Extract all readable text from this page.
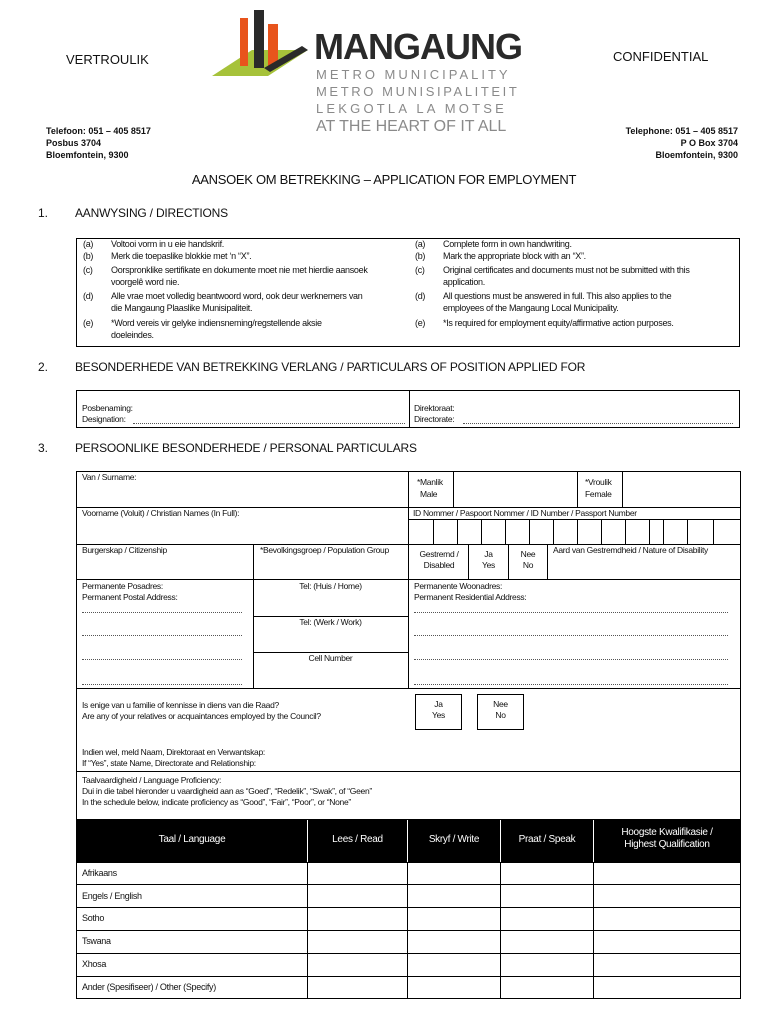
VERTROULIK	CONFIDENTIAL
MANGAUNG
METRO MUNICIPALITY
METRO MUNISIPALITEIT
LEKGOTLA LA MOTSE
AT THE HEART OF IT ALL
Telefoon: 051 – 405 8517
Posbus 3704
Bloemfontein, 9300
Telephone: 051 – 405 8517
P O Box 3704
Bloemfontein, 9300
AANSOEK OM BETREKKING – APPLICATION FOR EMPLOYMENT
1. AANWYSING / DIRECTIONS
(a) Voltooi vorm in u eie handskrif.
(b) Merk die toepaslike blokkie met ‘n “X”.
(c) Oorspronklike sertifikate en dokumente moet nie met hierdie aansoek
voorgelê word nie.
(d) Alle vrae moet volledig beantwoord word, ook deur werknemers van
die Mangaung Plaaslike Munisipaliteit.
(e) *Word vereis vir gelyke indiensneming/regstellende aksie
doeleindes.
(a) Complete form in own handwriting.
(b) Mark the appropriate block with an “X”.
(c) Original certificates and documents must not be submitted with this
application.
(d) All questions must be answered in full. This also applies to the
employees of the Mangaung Local Municipality.
(e) *Is required for employment equity/affirmative action purposes.
2. BESONDERHEDE VAN BETREKKING VERLANG / PARTICULARS OF POSITION APPLIED FOR
Posbenaming:
Designation:
Direktoraat:
Directorate:
3. PERSOONLIKE BESONDERHEDE / PERSONAL PARTICULARS
Van / Surname:	*Manlik
Male
*Vroulik
Female
Voorname (Voluit) / Christian Names (In Full):	ID Nommer / Paspoort Nommer / ID Number / Passport Number
Burgerskap / Citizenship	*Bevolkingsgroep / Population Group	Gestremd /
Disabled
Ja
Yes
Nee
No
Aard van Gestremdheid / Nature of Disability
Permanente Posadres:
Permanent Postal Address:
Tel: (Huis / Home)
Tel: (Werk / Work)
Cell Number
Permanente Woonadres:
Permanent Residential Address:
Is enige van u familie of kennisse in diens van die Raad?
Are any of your relatives or acquaintances employed by the Council?
Ja
Yes
Nee
No
Indien wel, meld Naam, Direktoraat en Verwantskap:
If “Yes”, state Name, Directorate and Relationship:
Taalvaardigheid / Language Proficiency:
Dui in die tabel hieronder u vaardigheid aan as “Goed”, “Redelik”, “Swak”, of “Geen”
In the schedule below, indicate proficiency as “Good”, “Fair”, “Poor”, or “None”
Taal / Language	Lees / Read	Skryf / Write	Praat / Speak
Hoogste Kwalifikasie /
Highest Qualification
Afrikaans
Engels / English
Sotho
Tswana
Xhosa
Ander (Spesifiseer) / Other (Specify)
